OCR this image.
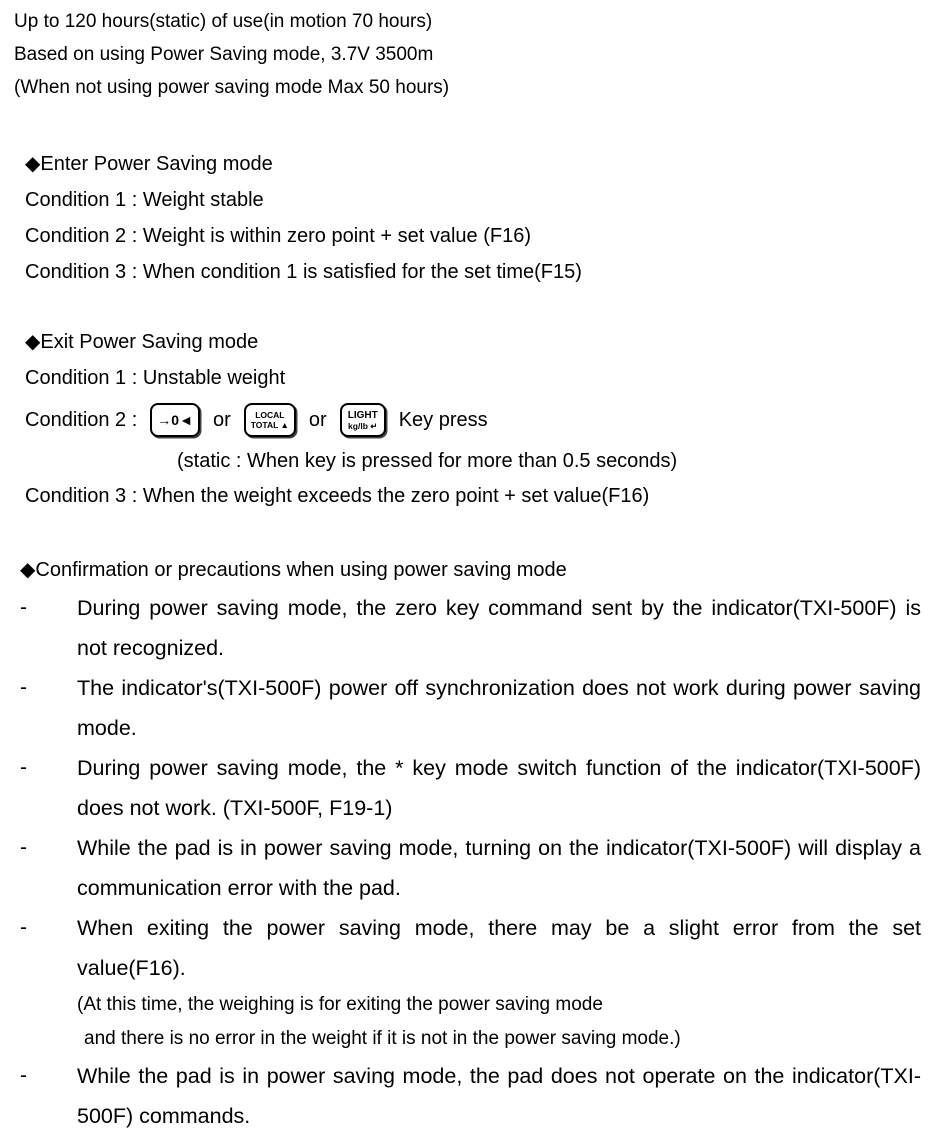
Up to 120 hours(static) of use(in motion 70 hours)

Based on using Power Saving mode, 3.7V 3500m

(When not using power saving mode Max 50 hours)

◆Enter Power Saving mode

Condition 1 : Weight stable

Condition 2 : Weight is within zero point + set value (F16)

Condition 3 : When condition 1 is satisfied for the set time(F15)

◆Exit Power Saving mode

Condition 1 : Unstable weight

Condition 2 : →0◄ or	LOCAL
TOTAL ▲ or LIGHT
kg/lb ↵ Key press

(static : When key is pressed for more than 0.5 seconds)

Condition 3 : When the weight exceeds the zero point + set value(F16)

◆Confirmation or precautions when using power saving mode
-	During power saving mode, the zero key command sent by the indicator(TXI-500F) is not recognized.

-	The indicator's(TXI-500F) power off synchronization does not work during power saving mode.

-	During power saving mode, the * key mode switch function of the indicator(TXI-500F) does not work. (TXI-500F, F19-1)

-	While the pad is in power saving mode, turning on the indicator(TXI-500F) will display a communication error with the pad.

-	When exiting the power saving mode, there may be a slight error from the set value(F16).

(At this time, the weighing is for exiting the power saving mode

and there is no error in the weight if it is not in the power saving mode.)

-	While the pad is in power saving mode, the pad does not operate on the indicator(TXI-500F) commands.
